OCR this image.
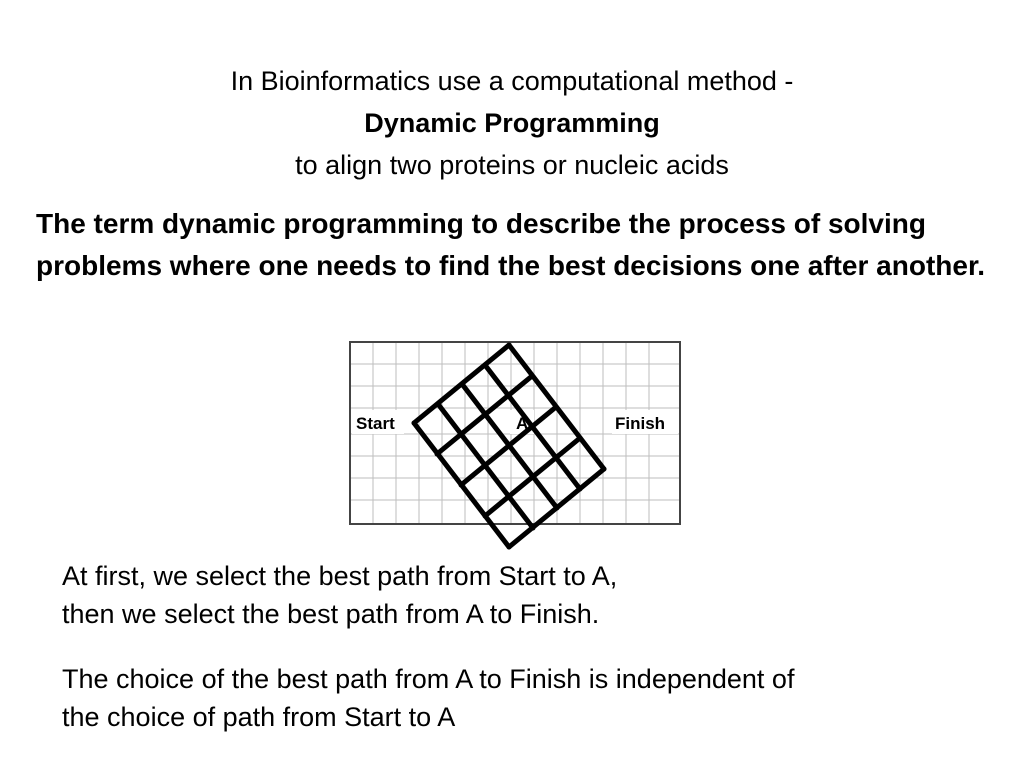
In Bioinformatics use a computational method -
Dynamic Programming
to align two proteins or nucleic acids
The term dynamic programming to describe the process of solving problems where one needs to find the best decisions one after another.
Start	A	Finish
At first, we select the best path from Start to A,
then we select the best path from A to Finish.
The choice of the best path from A to Finish is independent of
the choice of path from Start to A
